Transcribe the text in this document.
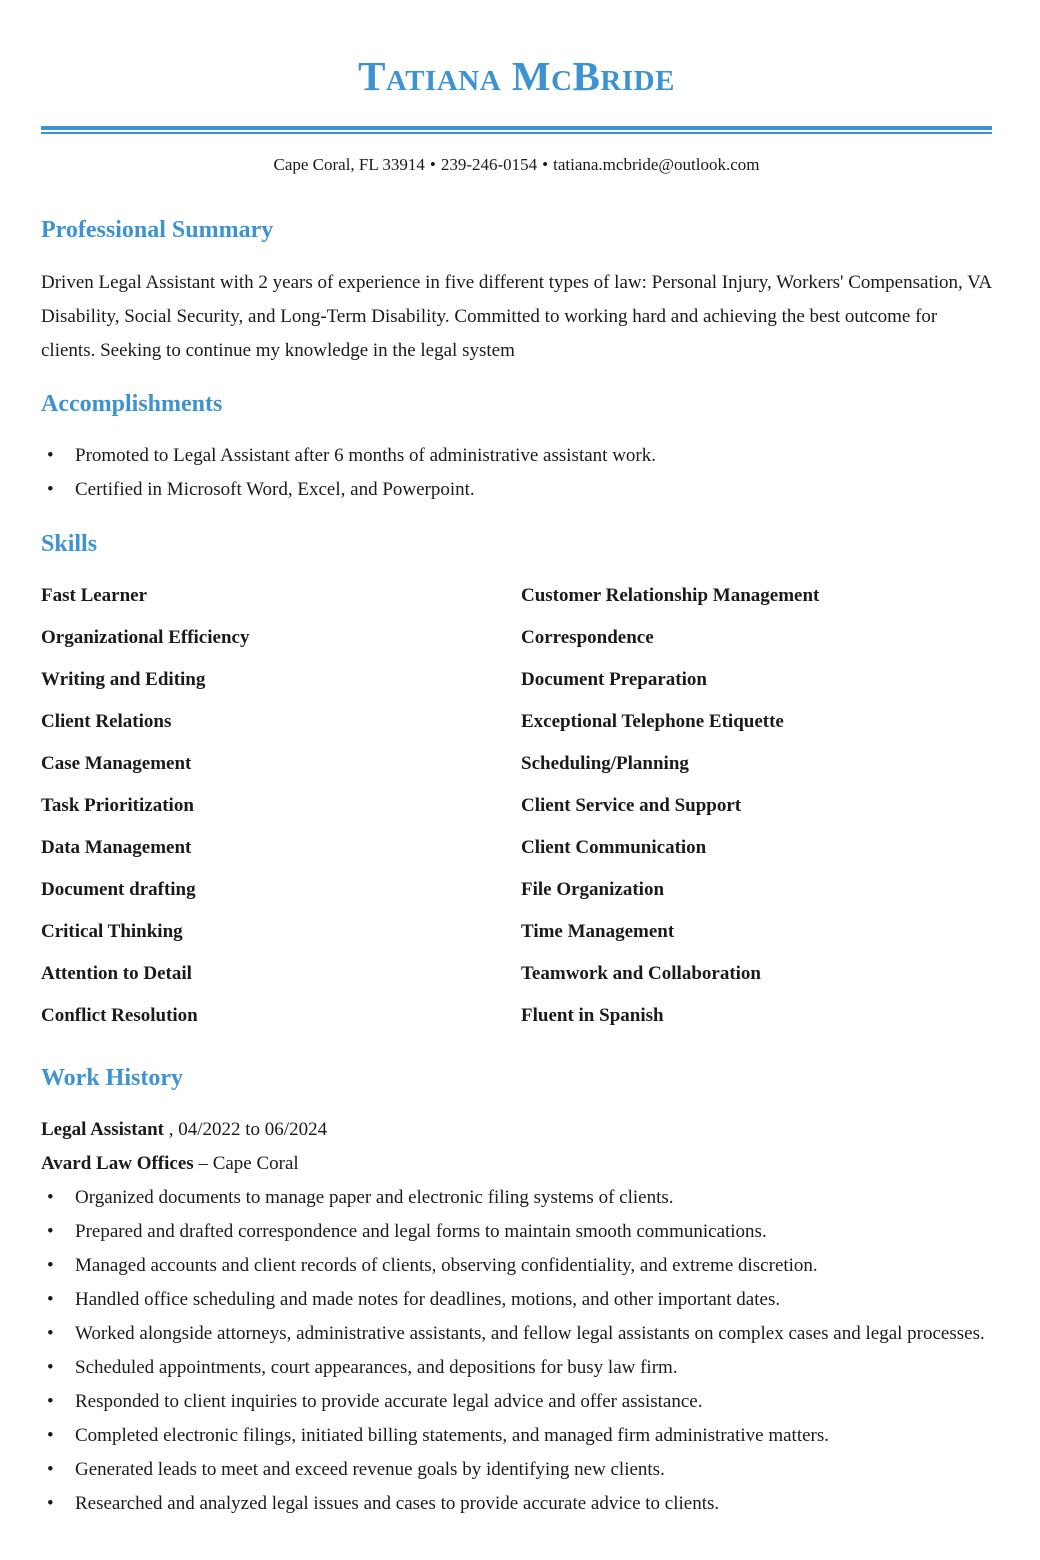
Tatiana McBride
Cape Coral, FL 33914 • 239-246-0154 • tatiana.mcbride@outlook.com
Professional Summary
Driven Legal Assistant with 2 years of experience in five different types of law: Personal Injury, Workers' Compensation, VA Disability, Social Security, and Long-Term Disability. Committed to working hard and achieving the best outcome for clients. Seeking to continue my knowledge in the legal system
Accomplishments
• Promoted to Legal Assistant after 6 months of administrative assistant work.
• Certified in Microsoft Word, Excel, and Powerpoint.
Skills
Fast Learner	Customer Relationship Management
Organizational Efficiency	Correspondence
Writing and Editing	Document Preparation
Client Relations	Exceptional Telephone Etiquette
Case Management	Scheduling/Planning
Task Prioritization	Client Service and Support
Data Management	Client Communication
Document drafting	File Organization
Critical Thinking	Time Management
Attention to Detail	Teamwork and Collaboration
Conflict Resolution	Fluent in Spanish
Work History
Legal Assistant , 04/2022 to 06/2024
Avard Law Offices – Cape Coral
• Organized documents to manage paper and electronic filing systems of clients.
• Prepared and drafted correspondence and legal forms to maintain smooth communications.
• Managed accounts and client records of clients, observing confidentiality, and extreme discretion.
• Handled office scheduling and made notes for deadlines, motions, and other important dates.
• Worked alongside attorneys, administrative assistants, and fellow legal assistants on complex cases and legal processes.
• Scheduled appointments, court appearances, and depositions for busy law firm.
• Responded to client inquiries to provide accurate legal advice and offer assistance.
• Completed electronic filings, initiated billing statements, and managed firm administrative matters.
• Generated leads to meet and exceed revenue goals by identifying new clients.
• Researched and analyzed legal issues and cases to provide accurate advice to clients.
